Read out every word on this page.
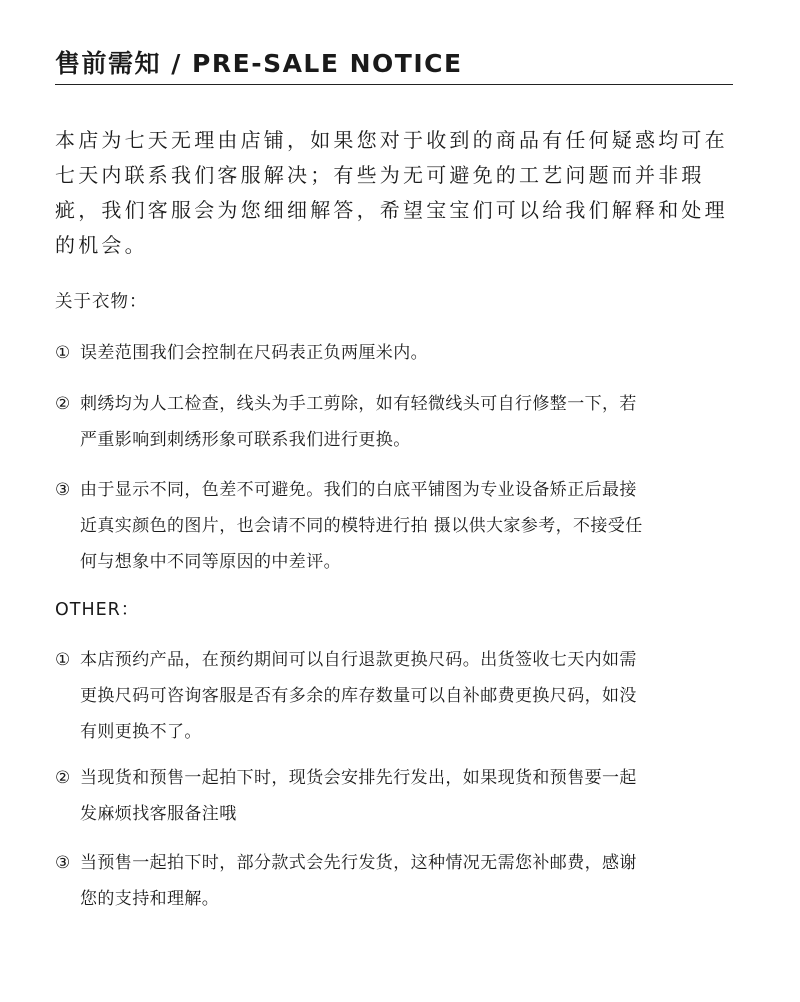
售前需知 / PRE-SALE NOTICE
本店为七天无理由店铺，如果您对于收到的商品有任何疑惑均可在七天内联系我们客服解决；有些为无可避免的工艺问题而并非瑕疵，我们客服会为您细细解答，希望宝宝们可以给我们解释和处理的机会。
关于衣物：
① 误差范围我们会控制在尺码表正负两厘米内。
② 刺绣均为人工检查，线头为手工剪除，如有轻微线头可自行修整一下，若
严重影响到刺绣形象可联系我们进行更换。
③ 由于显示不同，色差不可避免。我们的白底平铺图为专业设备矫正后最接
近真实颜色的图片，也会请不同的模特进行拍 摄以供大家参考，不接受任
何与想象中不同等原因的中差评。
OTHER：
① 本店预约产品，在预约期间可以自行退款更换尺码。出货签收七天内如需
更换尺码可咨询客服是否有多余的库存数量可以自补邮费更换尺码，如没
有则更换不了。
② 当现货和预售一起拍下时，现货会安排先行发出，如果现货和预售要一起
发麻烦找客服备注哦
③ 当预售一起拍下时，部分款式会先行发货，这种情况无需您补邮费，感谢
您的支持和理解。
